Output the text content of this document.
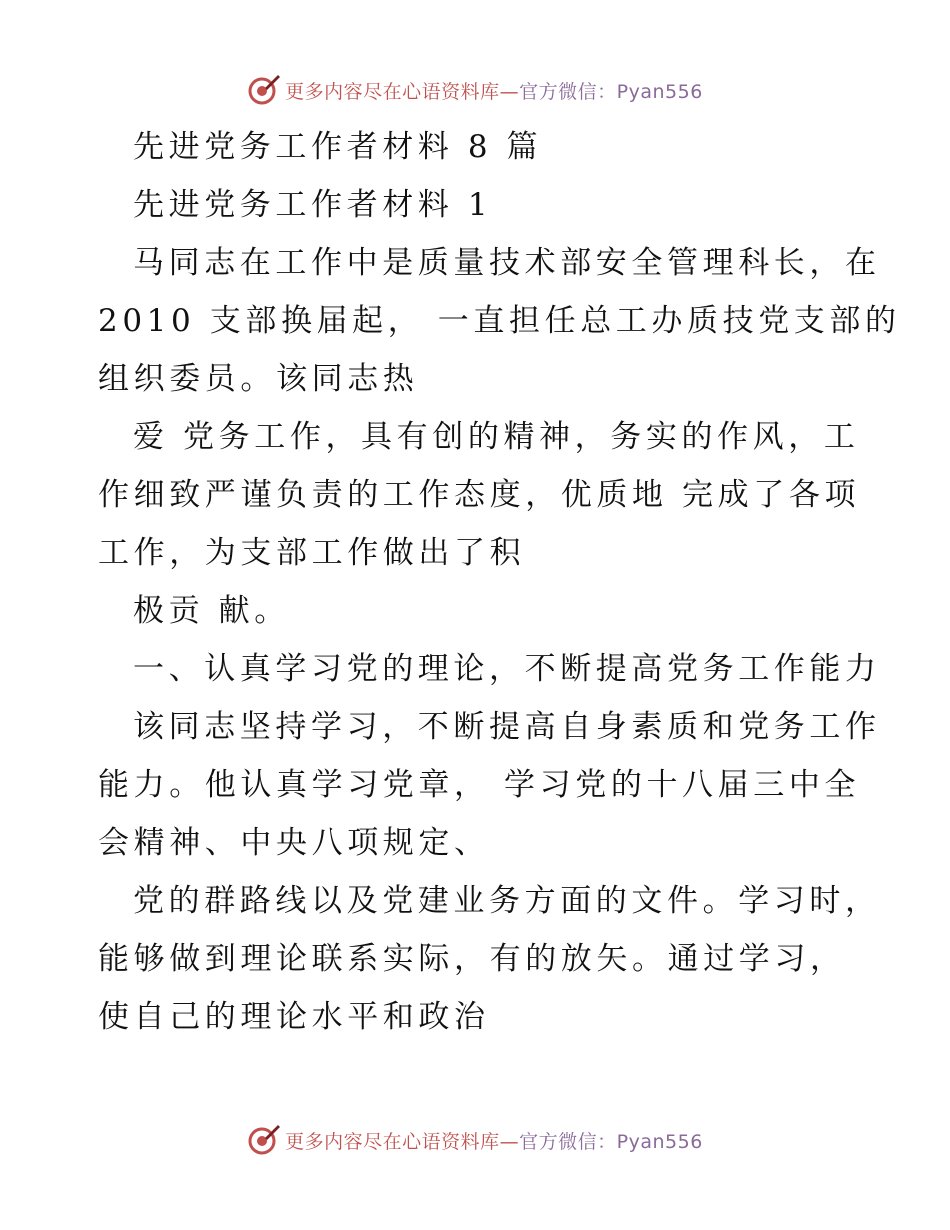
更多内容尽在心语资料库—官方微信：Pyan556
先进党务工作者材料 8 篇
先进党务工作者材料 1
马同志在工作中是质量技术部安全管理科长，在
2010 支部换届起， 一直担任总工办质技党支部的
组织委员。该同志热
爱 党务工作，具有创的精神，务实的作风，工
作细致严谨负责的工作态度，优质地 完成了各项
工作，为支部工作做出了积
极贡 献。
一、认真学习党的理论，不断提高党务工作能力
该同志坚持学习，不断提高自身素质和党务工作
能力。他认真学习党章， 学习党的十八届三中全
会精神、中央八项规定、
党的群路线以及党建业务方面的文件。学习时，
能够做到理论联系实际，有的放矢。通过学习，
使自己的理论水平和政治
更多内容尽在心语资料库—官方微信：Pyan556
